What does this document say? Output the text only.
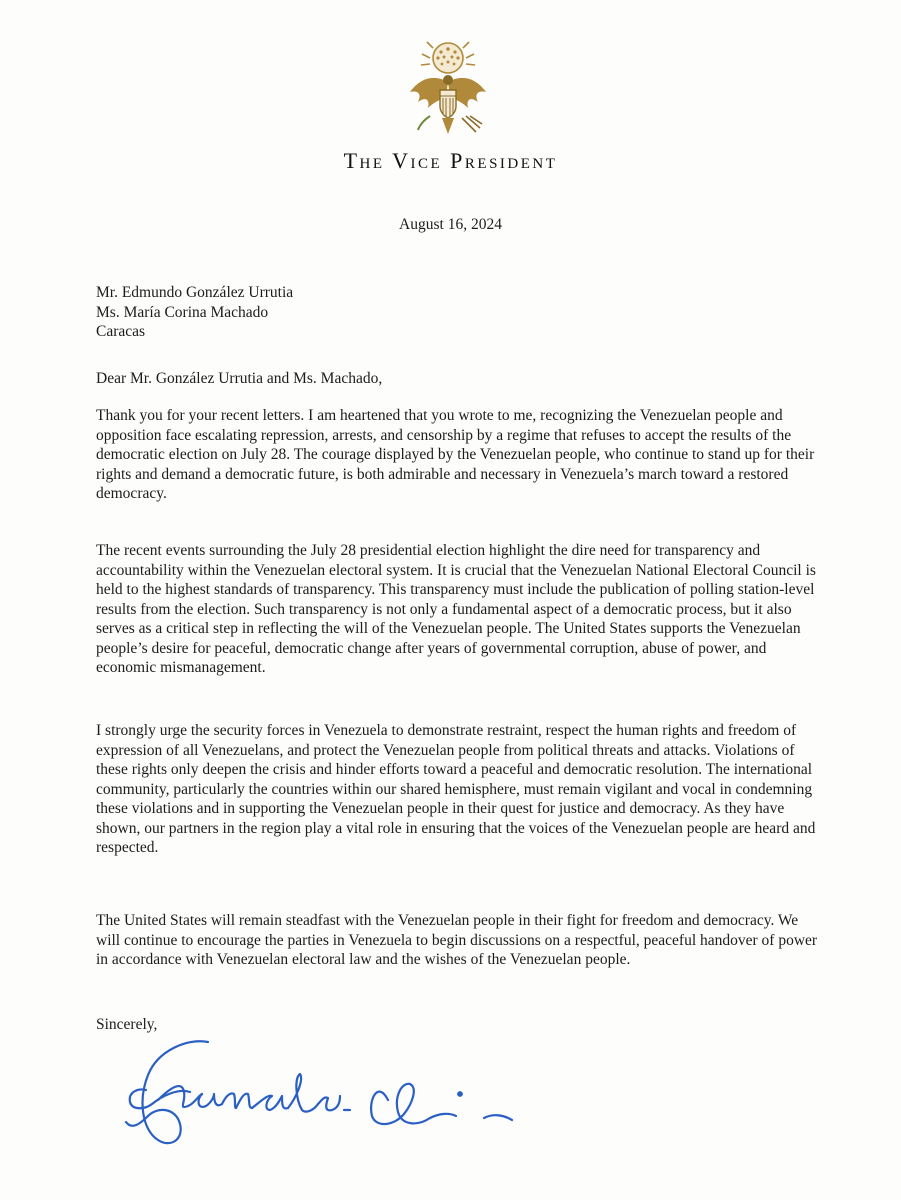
The Vice President
August 16, 2024
Mr. Edmundo González Urrutia
Ms. María Corina Machado
Caracas

Dear Mr. González Urrutia and Ms. Machado,

Thank you for your recent letters. I am heartened that you wrote to me, recognizing the Venezuelan people and opposition face escalating repression, arrests, and censorship by a regime that refuses to accept the results of the democratic election on July 28. The courage displayed by the Venezuelan people, who continue to stand up for their rights and demand a democratic future, is both admirable and necessary in Venezuela’s march toward a restored democracy.

The recent events surrounding the July 28 presidential election highlight the dire need for transparency and accountability within the Venezuelan electoral system. It is crucial that the Venezuelan National Electoral Council is held to the highest standards of transparency. This transparency must include the publication of polling station-level results from the election. Such transparency is not only a fundamental aspect of a democratic process, but it also serves as a critical step in reflecting the will of the Venezuelan people. The United States supports the Venezuelan people’s desire for peaceful, democratic change after years of governmental corruption, abuse of power, and economic mismanagement.

I strongly urge the security forces in Venezuela to demonstrate restraint, respect the human rights and freedom of expression of all Venezuelans, and protect the Venezuelan people from political threats and attacks. Violations of these rights only deepen the crisis and hinder efforts toward a peaceful and democratic resolution. The international community, particularly the countries within our shared hemisphere, must remain vigilant and vocal in condemning these violations and in supporting the Venezuelan people in their quest for justice and democracy. As they have shown, our partners in the region play a vital role in ensuring that the voices of the Venezuelan people are heard and respected.

The United States will remain steadfast with the Venezuelan people in their fight for freedom and democracy. We will continue to encourage the parties in Venezuela to begin discussions on a respectful, peaceful handover of power in accordance with Venezuelan electoral law and the wishes of the Venezuelan people.

Sincerely,
